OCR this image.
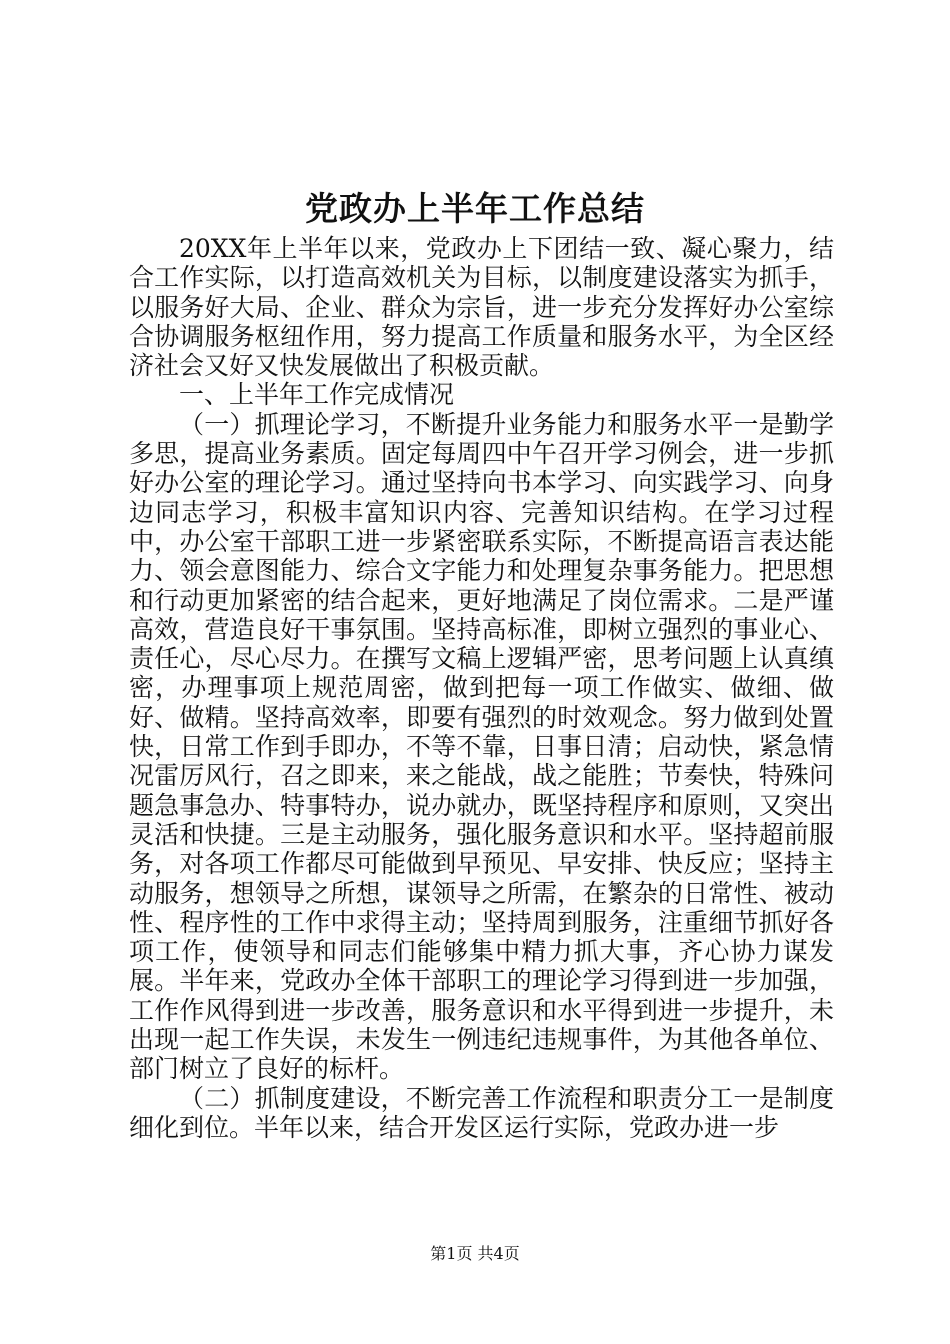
党政办上半年工作总结

20XX年上半年以来，党政办上下团结一致、凝心聚力，结合工作实际，以打造高效机关为目标，以制度建设落实为抓手，以服务好大局、企业、群众为宗旨，进一步充分发挥好办公室综合协调服务枢纽作用，努力提高工作质量和服务水平，为全区经济社会又好又快发展做出了积极贡献。

一、上半年工作完成情况

（一）抓理论学习，不断提升业务能力和服务水平一是勤学多思，提高业务素质。固定每周四中午召开学习例会，进一步抓好办公室的理论学习。通过坚持向书本学习、向实践学习、向身边同志学习，积极丰富知识内容、完善知识结构。在学习过程中，办公室干部职工进一步紧密联系实际，不断提高语言表达能力、领会意图能力、综合文字能力和处理复杂事务能力。把思想和行动更加紧密的结合起来，更好地满足了岗位需求。二是严谨高效，营造良好干事氛围。坚持高标准，即树立强烈的事业心、责任心，尽心尽力。在撰写文稿上逻辑严密，思考问题上认真缜密，办理事项上规范周密，做到把每一项工作做实、做细、做好、做精。坚持高效率，即要有强烈的时效观念。努力做到处置快，日常工作到手即办，不等不靠，日事日清；启动快，紧急情况雷厉风行，召之即来，来之能战，战之能胜；节奏快，特殊问题急事急办、特事特办，说办就办，既坚持程序和原则，又突出灵活和快捷。三是主动服务，强化服务意识和水平。坚持超前服务，对各项工作都尽可能做到早预见、早安排、快反应；坚持主动服务，想领导之所想，谋领导之所需，在繁杂的日常性、被动性、程序性的工作中求得主动；坚持周到服务，注重细节抓好各项工作，使领导和同志们能够集中精力抓大事，齐心协力谋发展。半年来，党政办全体干部职工的理论学习得到进一步加强，工作作风得到进一步改善，服务意识和水平得到进一步提升，未出现一起工作失误，未发生一例违纪违规事件，为其他各单位、部门树立了良好的标杆。

（二）抓制度建设，不断完善工作流程和职责分工一是制度细化到位。半年以来，结合开发区运行实际，党政办进一步

第1页 共4页
